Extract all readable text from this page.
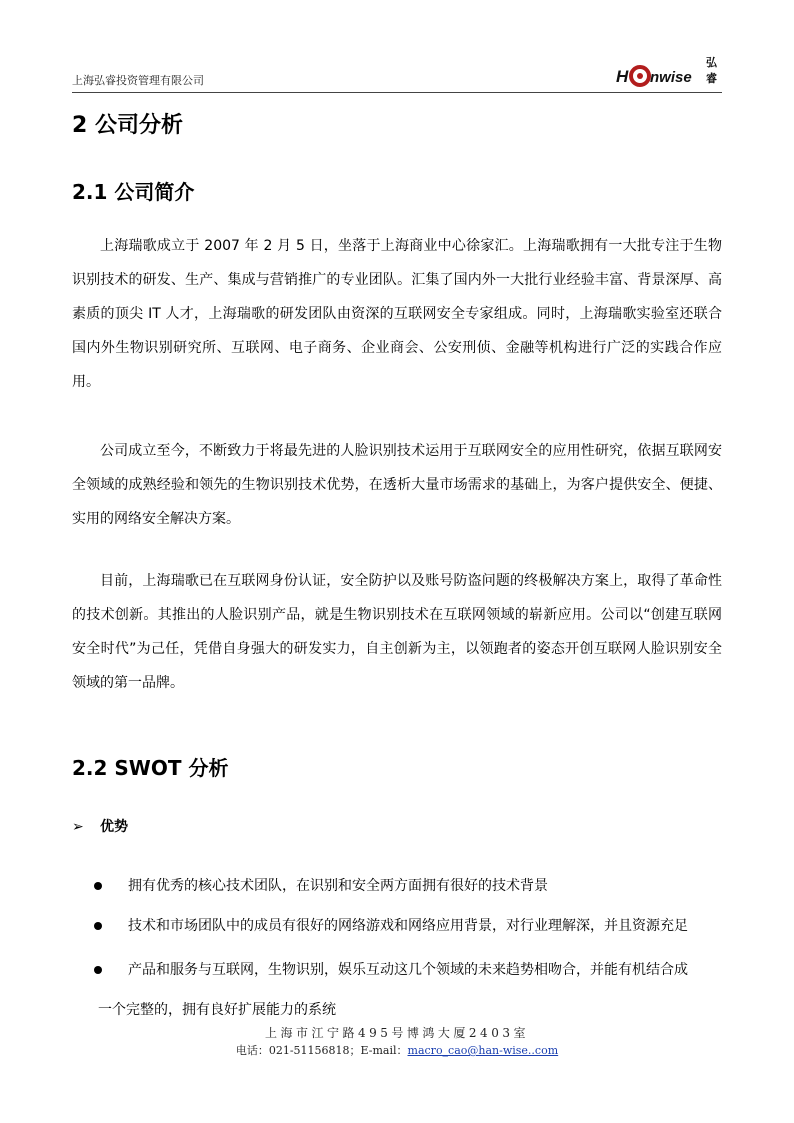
上海弘睿投资管理有限公司	H nwise
弘
睿
2 公司分析
2.1 公司简介

上海瑞歌成立于 2007 年 2 月 5 日，坐落于上海商业中心徐家汇。上海瑞歌拥有一大批专注于生物识别技术的研发、生产、集成与营销推广的专业团队。汇集了国内外一大批行业经验丰富、背景深厚、高素质的顶尖 IT 人才，上海瑞歌的研发团队由资深的互联网安全专家组成。同时，上海瑞歌实验室还联合国内外生物识别研究所、互联网、电子商务、企业商会、公安刑侦、金融等机构进行广泛的实践合作应用。

公司成立至今，不断致力于将最先进的人脸识别技术运用于互联网安全的应用性研究，依据互联网安全领域的成熟经验和领先的生物识别技术优势，在透析大量市场需求的基础上，为客户提供安全、便捷、实用的网络安全解决方案。

目前，上海瑞歌已在互联网身份认证，安全防护以及账号防盗问题的终极解决方案上，取得了革命性的技术创新。其推出的人脸识别产品，就是生物识别技术在互联网领域的崭新应用。公司以“创建互联网安全时代”为己任，凭借自身强大的研发实力，自主创新为主，以领跑者的姿态开创互联网人脸识别安全领域的第一品牌。

2.2 SWOT 分析
➢ 优势
拥有优秀的核心技术团队，在识别和安全两方面拥有很好的技术背景
技术和市场团队中的成员有很好的网络游戏和网络应用背景，对行业理解深，并且资源充足
产品和服务与互联网，生物识别，娱乐互动这几个领域的未来趋势相吻合，并能有机结合成
一个完整的，拥有良好扩展能力的系统
上海市江宁路495号博鸿大厦2403室
电话：021-51156818；E-mail：macro_cao@han-wise..com
